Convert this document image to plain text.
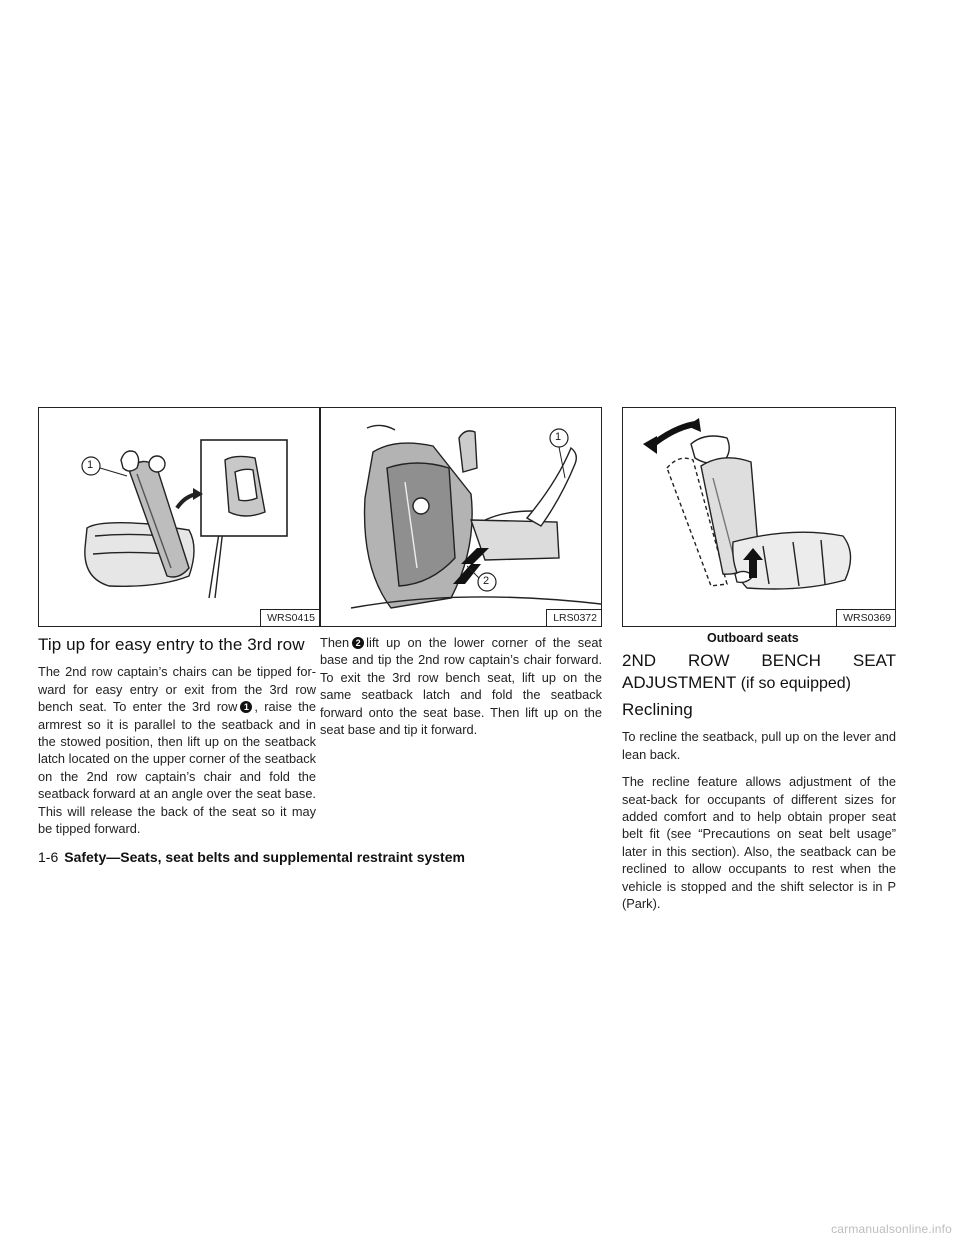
1
WRS0415
1
2
LRS0372	WRS0369
Outboard seats
Tip up for easy entry to the 3rd row

The 2nd row captain’s chairs can be tipped for-ward for easy entry or exit from the 3rd row bench seat. To enter the 3rd row 1 , raise the armrest so it is parallel to the seatback and in the stowed position, then lift up on the seatback latch located on the upper corner of the seatback on the 2nd row captain’s chair and fold the seatback forward at an angle over the seat base. This will release the back of the seat so it may be tipped forward.

Then 2 lift up on the lower corner of the seat base and tip the 2nd row captain’s chair forward. To exit the 3rd row bench seat, lift up on the same seatback latch and fold the seatback forward onto the seat base. Then lift up on the seat base and tip it forward.

2ND ROW BENCH SEAT ADJUSTMENT (if so equipped)
Reclining

To recline the seatback, pull up on the lever and lean back.

The recline feature allows adjustment of the seat-back for occupants of different sizes for added comfort and to help obtain proper seat belt fit (see “Precautions on seat belt usage” later in this section). Also, the seatback can be reclined to allow occupants to rest when the vehicle is stopped and the shift selector is in P (Park).

1-6 Safety—Seats, seat belts and supplemental restraint system
carmanualsonline.info
